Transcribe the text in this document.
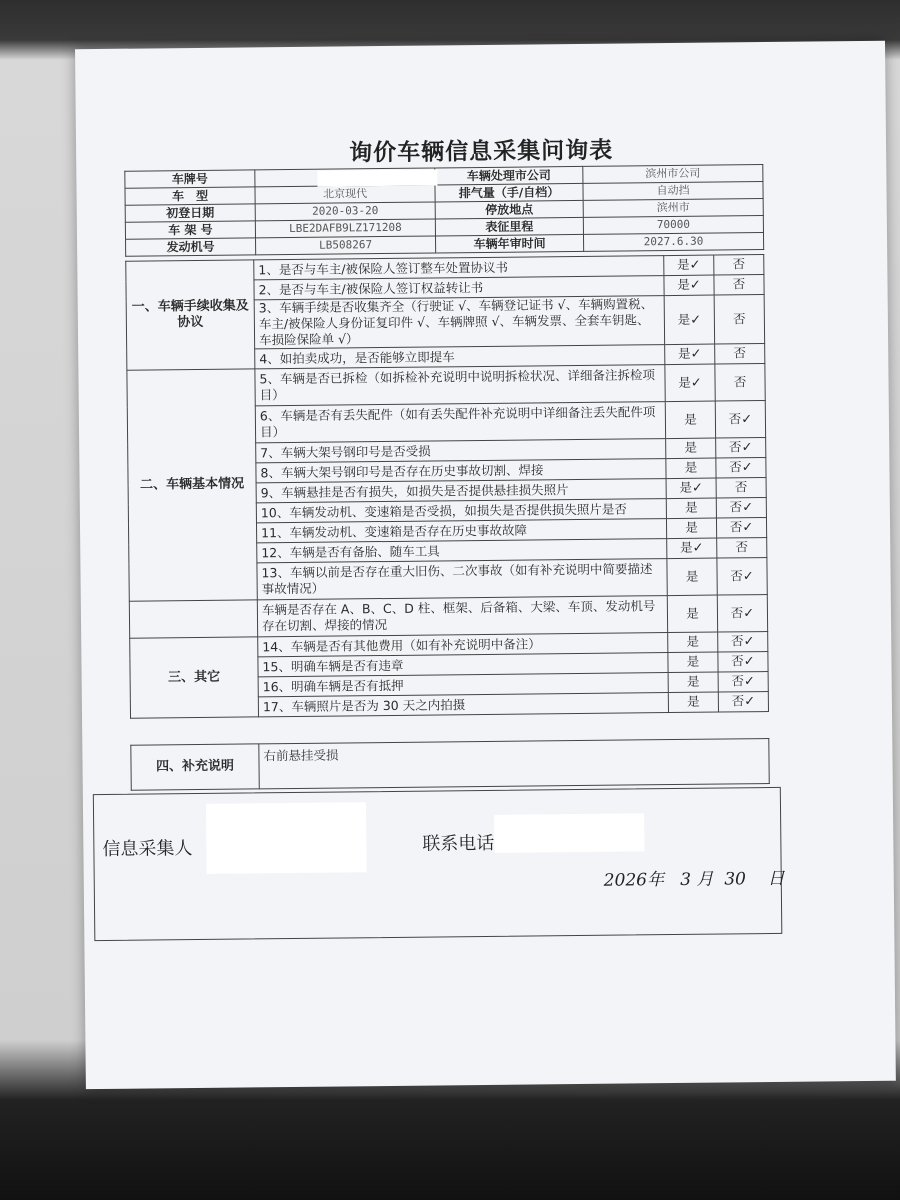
询价车辆信息采集问询表
车牌号		车辆处理市公司	滨州市公司
车　型	北京现代	排气量（手/自档）	自动挡
初登日期	2020-03-20	停放地点	滨州市
车 架 号	LBE2DAFB9LZ171208	表征里程	70000
发动机号	LB508267	车辆年审时间	2027.6.30
一、车辆手续收集及协议	1、是否与车主/被保险人签订整车处置协议书	是✓	否
	2、是否与车主/被保险人签订权益转让书	是✓	否
	3、车辆手续是否收集齐全（行驶证 √、车辆登记证书 √、车辆购置税、车主/被保险人身份证复印件 √、车辆牌照 √、车辆发票、全套车钥匙、车损险保险单 √）	是✓	否
	4、如拍卖成功，是否能够立即提车	是✓	否
二、车辆基本情况	5、车辆是否已拆检（如拆检补充说明中说明拆检状况、详细备注拆检项目）	是✓	否
	6、车辆是否有丢失配件（如有丢失配件补充说明中详细备注丢失配件项目）	是	否✓
	7、车辆大架号钢印号是否受损	是	否✓
	8、车辆大架号钢印号是否存在历史事故切割、焊接	是	否✓
	9、车辆悬挂是否有损失，如损失是否提供悬挂损失照片	是✓	否
	10、车辆发动机、变速箱是否受损，如损失是否提供损失照片是否	是	否✓
	11、车辆发动机、变速箱是否存在历史事故故障	是	否✓
	12、车辆是否有备胎、随车工具	是✓	否
	13、车辆以前是否存在重大旧伤、二次事故（如有补充说明中简要描述事故情况）	是	否✓
	车辆是否存在 A、B、C、D 柱、框架、后备箱、大梁、车顶、发动机号存在切割、焊接的情况	是	否✓
三、其它	14、车辆是否有其他费用（如有补充说明中备注）	是	否✓
	15、明确车辆是否有违章	是	否✓
	16、明确车辆是否有抵押	是	否✓
	17、车辆照片是否为 30 天之内拍摄	是	否✓
四、补充说明	右前悬挂受损
信息采集人	联系电话
2026年 3 月 30 日
